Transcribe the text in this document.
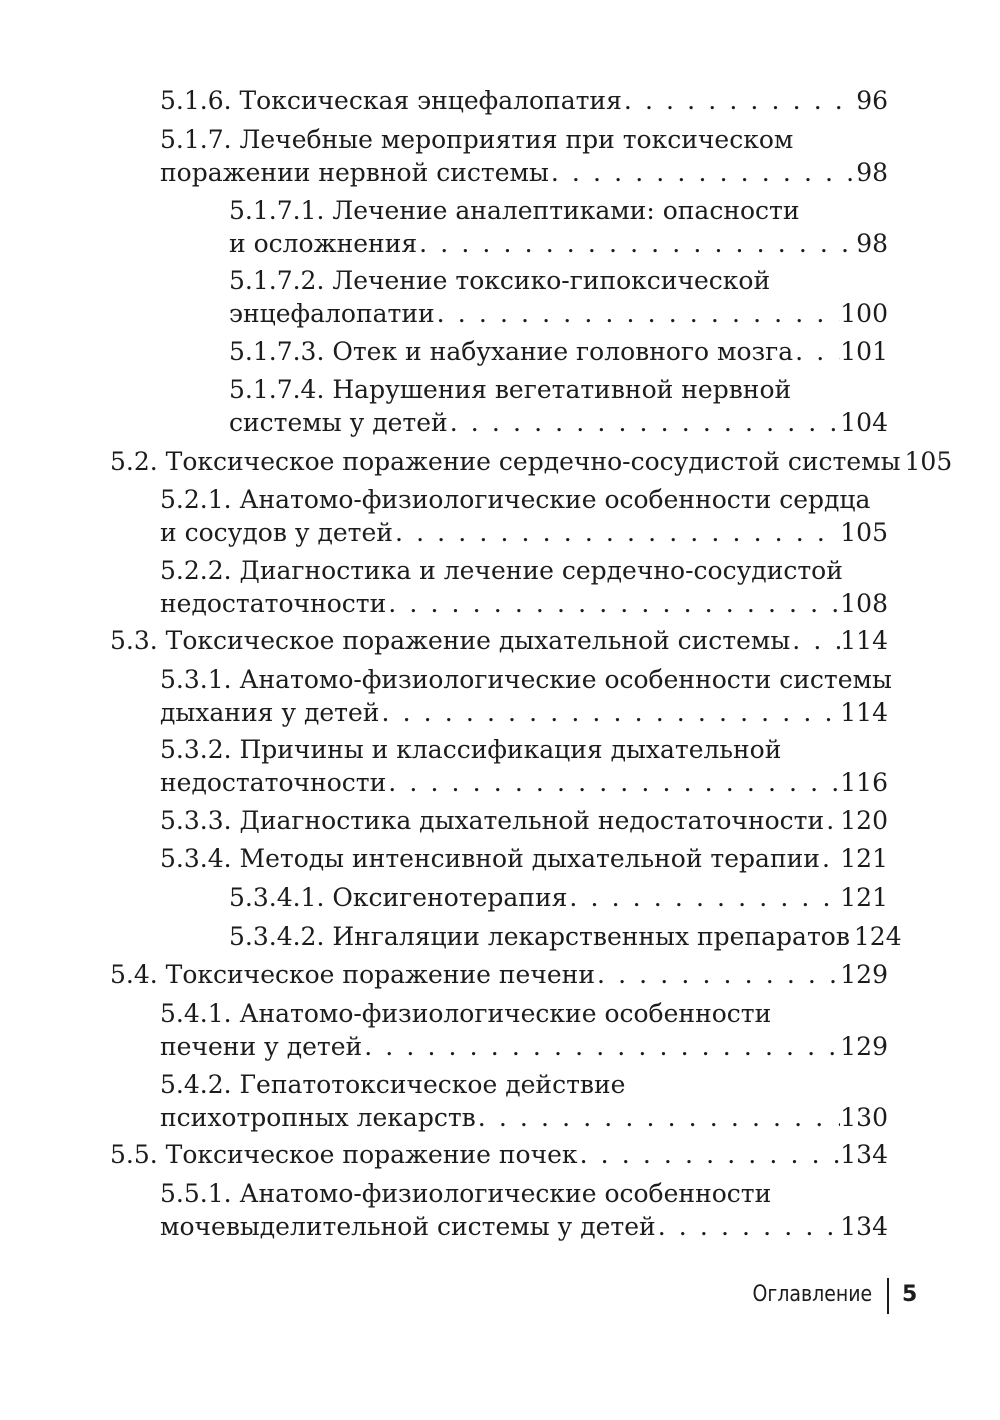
5.1.6. Токсическая энцефалопатия . . .	96
5.1.7. Лечебные мероприятия при токсическом
поражении нервной системы . . .	98
5.1.7.1. Лечение аналептиками: опасности
и осложнения . . .	98
5.1.7.2. Лечение токсико-гипоксической
энцефалопатии . . .	100
5.1.7.3. Отек и набухание головного мозга . . . 101
5.1.7.4. Нарушения вегетативной нервной
системы у детей . . .	104
5.2. Токсическое поражение сердечно-сосудистой системы . . . 105
5.2.1. Анатомо-физиологические особенности сердца
и сосудов у детей . . .	105
5.2.2. Диагностика и лечение сердечно-сосудистой
недостаточности . . .	108
5.3. Токсическое поражение дыхательной системы . . . 114
5.3.1. Анатомо-физиологические особенности системы
дыхания у детей . . .	114
5.3.2. Причины и классификация дыхательной
недостаточности . . .	116
5.3.3. Диагностика дыхательной недостаточности . . . 120
5.3.4. Методы интенсивной дыхательной терапии . . . 121
5.3.4.1. Оксигенотерапия . . .	121
5.3.4.2. Ингаляции лекарственных препаратов . . . 124
5.4. Токсическое поражение печени . . .	129
5.4.1. Анатомо-физиологические особенности
печени у детей . . .	129
5.4.2. Гепатотоксическое действие
психотропных лекарств . . .	130
5.5. Токсическое поражение почек . . .	134
5.5.1. Анатомо-физиологические особенности
мочевыделительной системы у детей . . .	134
Оглавление 5
